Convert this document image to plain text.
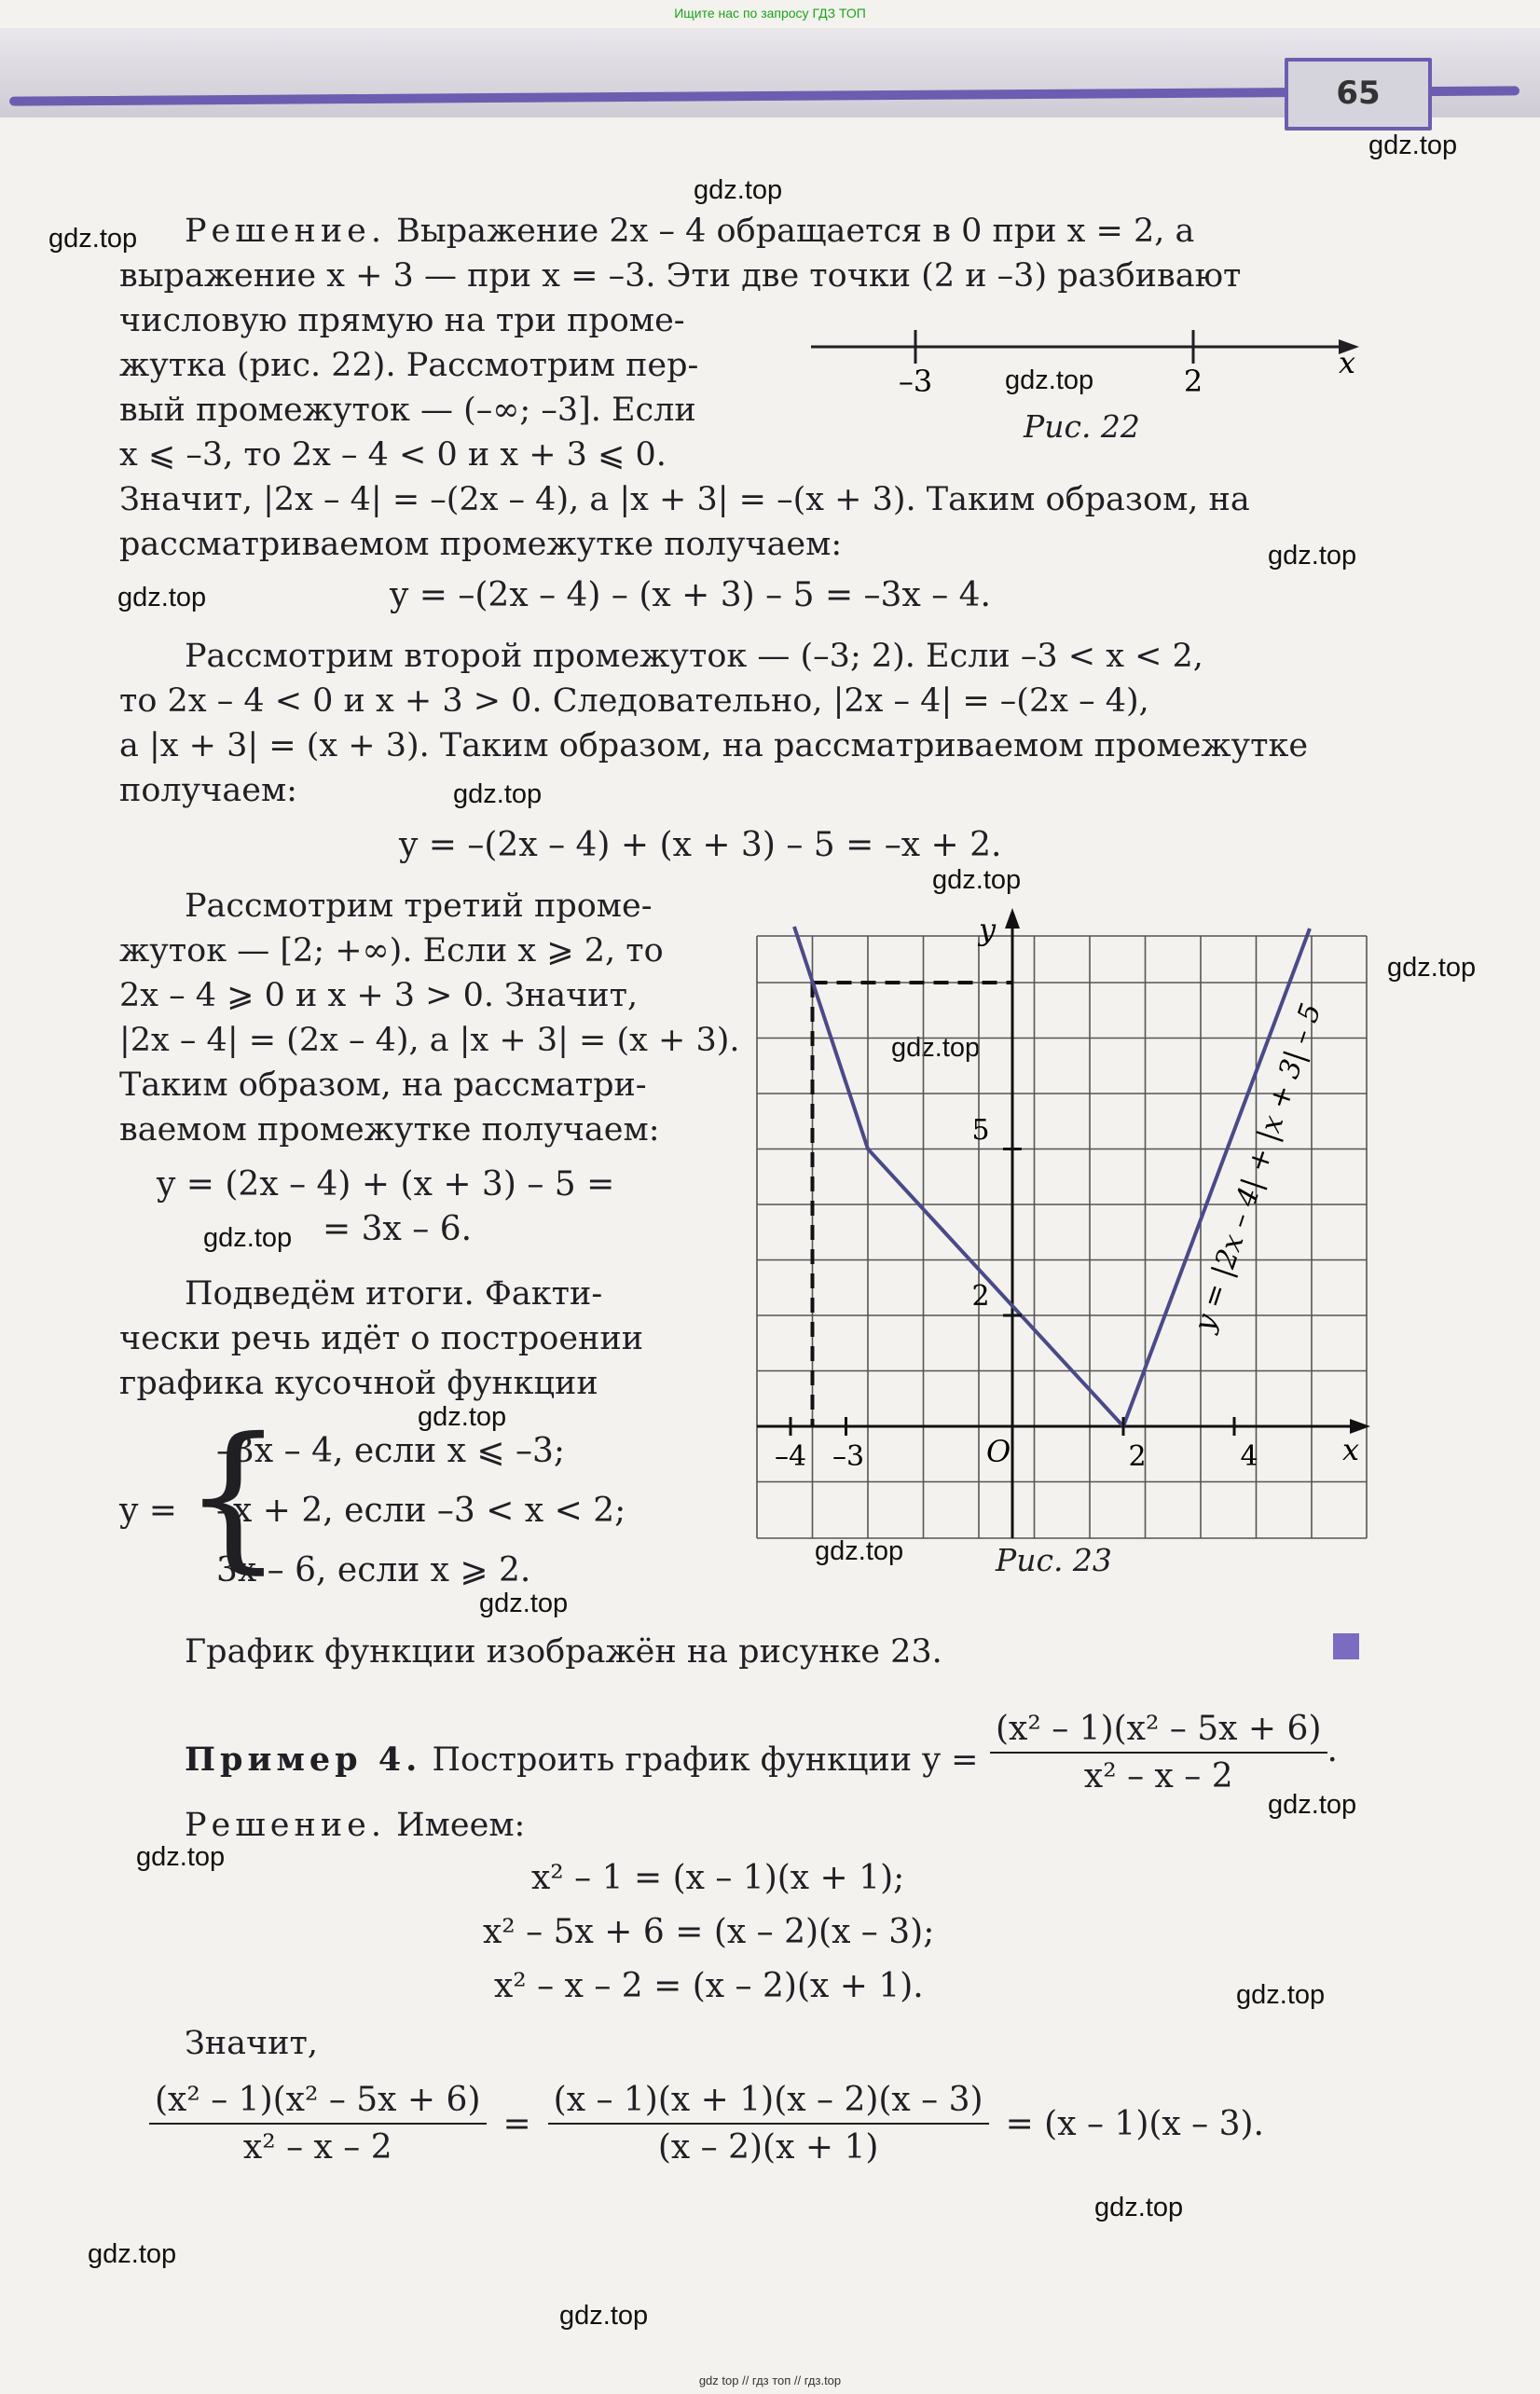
Ищите нас по запросу ГДЗ ТОП
65
gdz.top
gdz.top
gdz.top
gdz.top
gdz.top
gdz.top
gdz.top
gdz.top
gdz.top
gdz.top
gdz.top
gdz.top
gdz.top
gdz.top
gdz.top
gdz.top
gdz.top
gdz.top
gdz.top
gdz.top
Решение. Выражение 2x – 4 обращается в 0 при x = 2, а
выражение x + 3 — при x = –3. Эти две точки (2 и –3) разбивают
числовую прямую на три проме-
жутка (рис. 22). Рассмотрим пер-
вый промежуток — (–∞; –3]. Если
x ⩽ –3, то 2x – 4 < 0 и x + 3 ⩽ 0.
Значит, |2x – 4| = –(2x – 4), а |x + 3| = –(x + 3). Таким образом, на
рассматриваемом промежутке получаем:
y = –(2x – 4) – (x + 3) – 5 = –3x – 4.
–3	2
x
Рис. 22
Рассмотрим второй промежуток — (–3; 2). Если –3 < x < 2,
то 2x – 4 < 0 и x + 3 > 0. Следовательно, |2x – 4| = –(2x – 4),
а |x + 3| = (x + 3). Таким образом, на рассматриваемом промежутке
получаем:
y = –(2x – 4) + (x + 3) – 5 = –x + 2.
Рассмотрим третий проме-
жуток — [2; +∞). Если x ⩾ 2, то
2x – 4 ⩾ 0 и x + 3 > 0. Значит,
|2x – 4| = (2x – 4), а |x + 3| = (x + 3).
Таким образом, на рассматри-
ваемом промежутке получаем:
y = (2x – 4) + (x + 3) – 5 =
= 3x – 6.
Подведём итоги. Факти-
чески речь идёт о построении
графика кусочной функции
y = {
–3x – 4, если x ⩽ –3;
–x + 2, если –3 < x < 2;
3x – 6, если x ⩾ 2.
График функции изображён на рисунке 23.
y
x
O
5
2
–4 –3	2	4
y = |2x – 4| + |x + 3| – 5
Рис. 23
Пример 4. Построить график функции $y = \frac{\text{(x² – 1)(x² – 5x + 6)}}{\text{x² – x – 2}}$ .
Решение. Имеем:
x² – 1 = (x – 1)(x + 1);
x² – 5x + 6 = (x – 2)(x – 3);
x² – x – 2 = (x – 2)(x + 1).
Значит,
$\frac{\text{(x² – 1)(x² – 5x + 6)}}{\text{x² – x – 2}} = \frac{(x - 1)(x + 1)(x - 2)(x - 3)}{(x - 2)(x + 1)} = (x - 1)(x - 3)$.
gdz top // гдз топ // гдз.top
